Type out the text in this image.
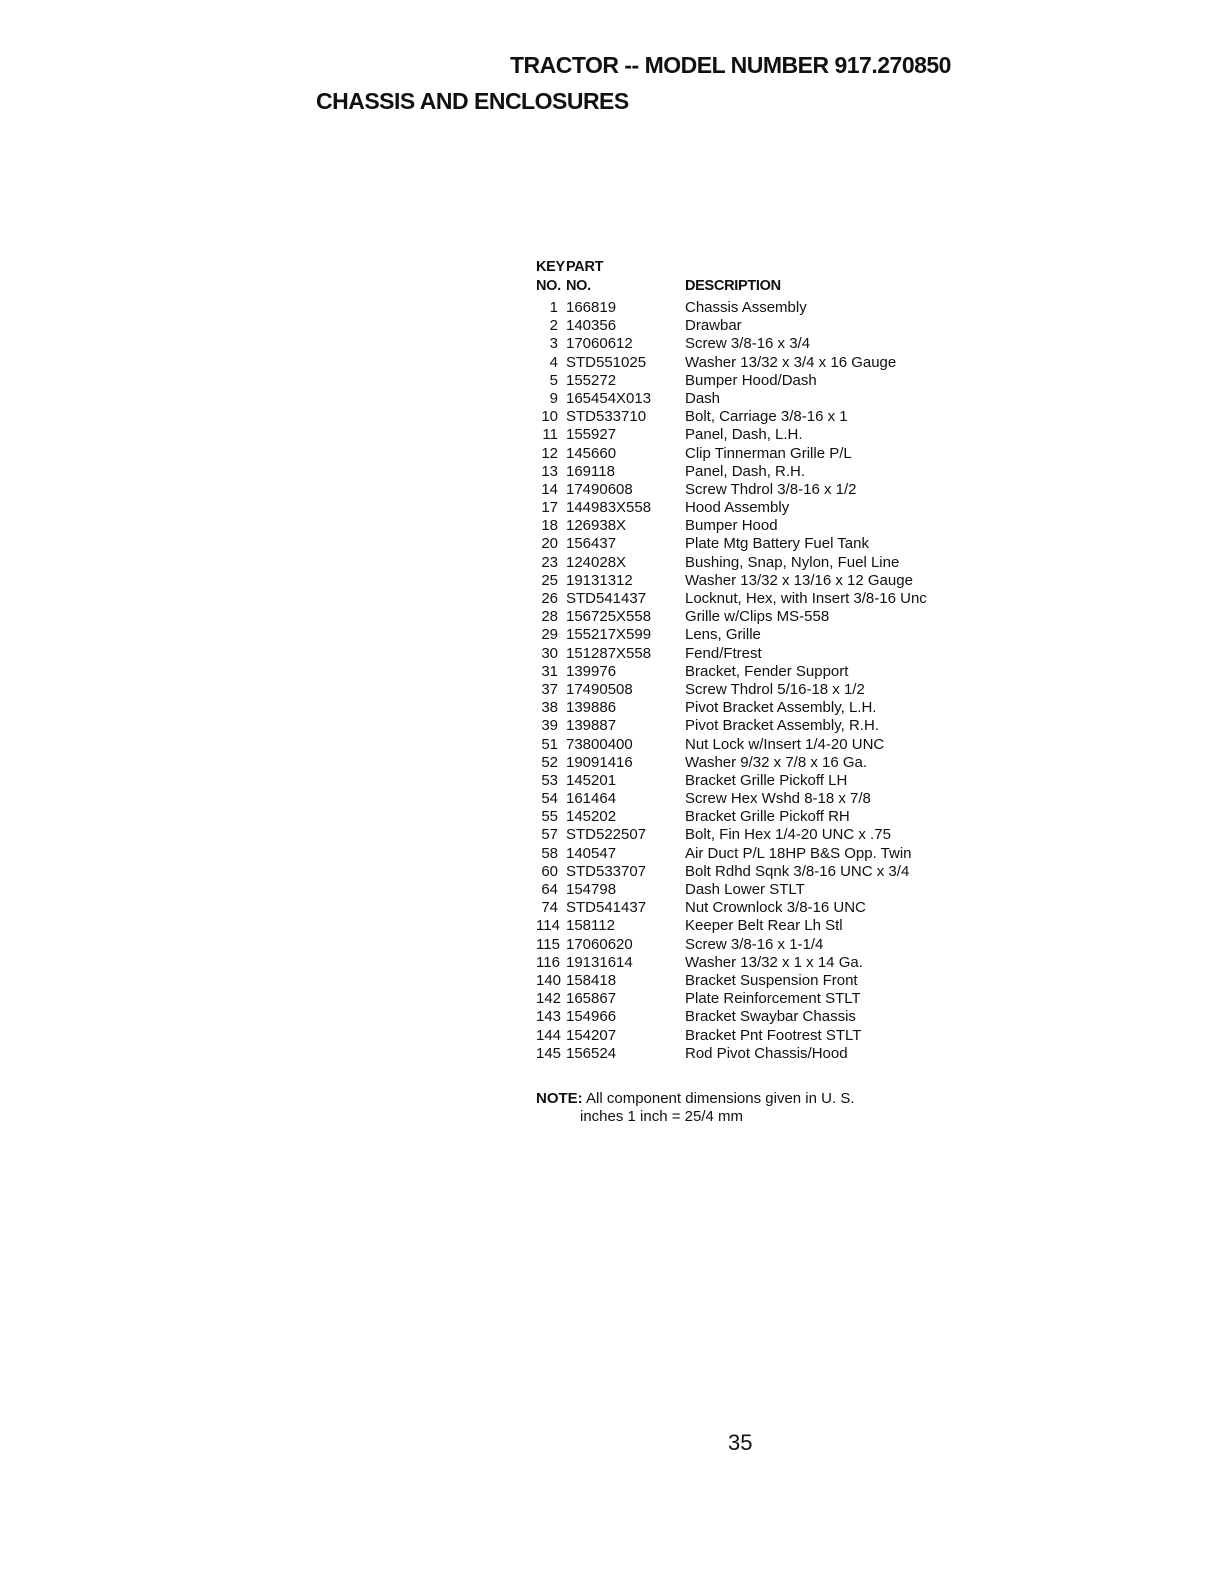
TRACTOR -- MODEL NUMBER 917.270850
CHASSIS AND ENCLOSURES
KEY PART
NO. NO.	DESCRIPTION
1 166819	Chassis Assembly
2 140356	Drawbar
3 17060612	Screw 3/8-16 x 3/4
4 STD551025	Washer 13/32 x 3/4 x 16 Gauge
5 155272	Bumper Hood/Dash
9 165454X013 Dash
10 STD533710	Bolt, Carriage 3/8-16 x 1
11 155927	Panel, Dash, L.H.
12 145660	Clip Tinnerman Grille P/L
13 169118	Panel, Dash, R.H.
14 17490608	Screw Thdrol 3/8-16 x 1/2
17 144983X558 Hood Assembly
18 126938X	Bumper Hood
20 156437	Plate Mtg Battery Fuel Tank
23 124028X	Bushing, Snap, Nylon, Fuel Line
25 19131312	Washer 13/32 x 13/16 x 12 Gauge
26 STD541437	Locknut, Hex, with Insert 3/8-16 Unc
28 156725X558 Grille w/Clips MS-558
29 155217X599 Lens, Grille
30 151287X558 Fend/Ftrest
31 139976	Bracket, Fender Support
37 17490508	Screw Thdrol 5/16-18 x 1/2
38 139886	Pivot Bracket Assembly, L.H.
39 139887	Pivot Bracket Assembly, R.H.
51 73800400	Nut Lock w/Insert 1/4-20 UNC
52 19091416	Washer 9/32 x 7/8 x 16 Ga.
53 145201	Bracket Grille Pickoff LH
54 161464	Screw Hex Wshd 8-18 x 7/8
55 145202	Bracket Grille Pickoff RH
57 STD522507	Bolt, Fin Hex 1/4-20 UNC x .75
58 140547	Air Duct P/L 18HP B&S Opp. Twin
60 STD533707	Bolt Rdhd Sqnk 3/8-16 UNC x 3/4
64 154798	Dash Lower STLT
74 STD541437	Nut Crownlock 3/8-16 UNC
114 158112	Keeper Belt Rear Lh Stl
115 17060620	Screw 3/8-16 x 1-1/4
116 19131614	Washer 13/32 x 1 x 14 Ga.
140 158418	Bracket Suspension Front
142 165867	Plate Reinforcement STLT
143 154966	Bracket Swaybar Chassis
144 154207	Bracket Pnt Footrest STLT
145 156524	Rod Pivot Chassis/Hood
NOTE: All component dimensions given in U. S.
inches 1 inch = 25/4 mm

35
